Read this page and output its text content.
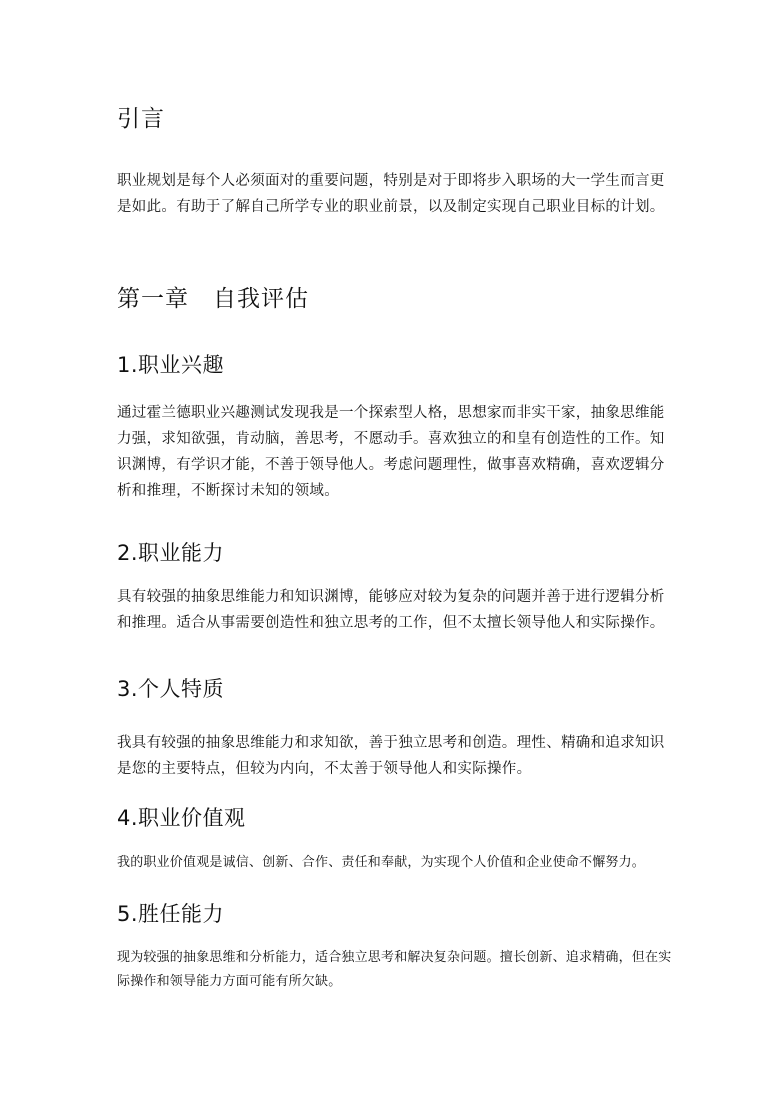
引言

职业规划是每个人必须面对的重要问题，特别是对于即将步入职场的大一学生而言更是如此。有助于了解自己所学专业的职业前景，以及制定实现自己职业目标的计划。

第一章　自我评估
1.职业兴趣

通过霍兰德职业兴趣测试发现我是一个探索型人格，思想家而非实干家，抽象思维能力强，求知欲强，肯动脑，善思考，不愿动手。喜欢独立的和皇有创造性的工作。知识渊博，有学识才能，不善于领导他人。考虑问题理性，做事喜欢精确，喜欢逻辑分析和推理，不断探讨未知的领域。

2.职业能力

具有较强的抽象思维能力和知识渊博，能够应对较为复杂的问题并善于进行逻辑分析和推理。适合从事需要创造性和独立思考的工作，但不太擅长领导他人和实际操作。

3.个人特质

我具有较强的抽象思维能力和求知欲，善于独立思考和创造。理性、精确和追求知识是您的主要特点，但较为内向，不太善于领导他人和实际操作。

4.职业价值观

我的职业价值观是诚信、创新、合作、责任和奉献，为实现个人价值和企业使命不懈努力。

5.胜任能力

现为较强的抽象思维和分析能力，适合独立思考和解决复杂问题。擅长创新、追求精确，但在实际操作和领导能力方面可能有所欠缺。
